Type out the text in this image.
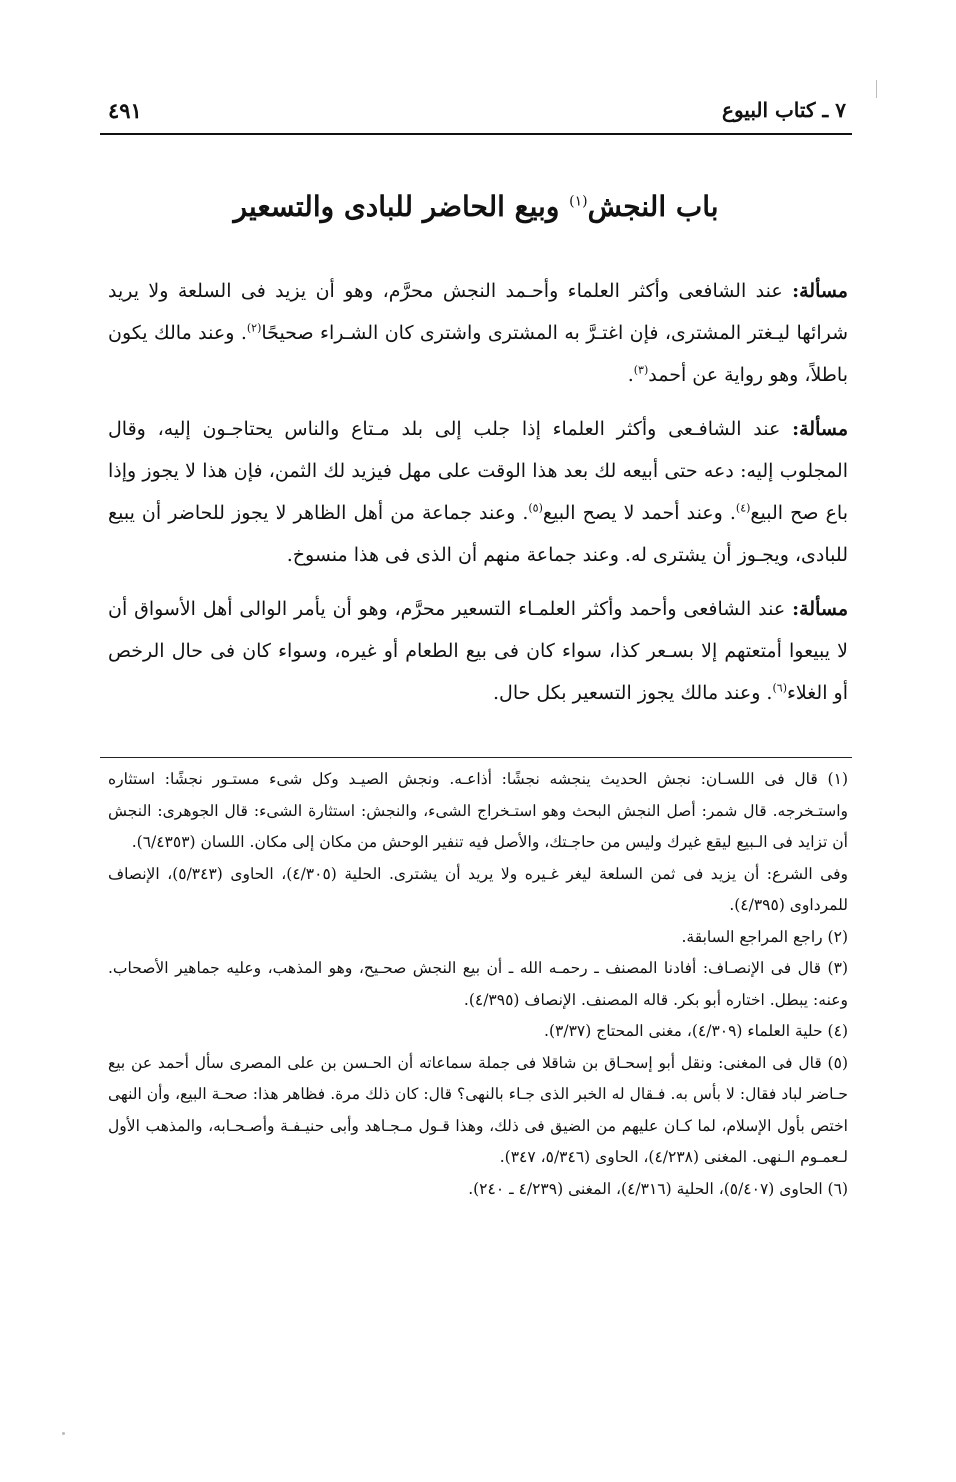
٧ ـ كتاب البيوع
٤٩١
باب النجش$^{(١)}$ وبيع الحاضر للبادى والتسعير

مسألة: عند الشافعى وأكثر العلماء وأحـمد النجش محرَّم، وهو أن يزيد فى السلعة ولا يريد شرائها ليـغتر المشترى، فإن اغتـرَّ به المشترى واشترى كان الشـراء صحيحًا$^{(٢)}$. وعند مالك يكون باطلاً، وهو رواية عن أحمد$^{(٣)}$.

مسألة: عند الشافـعى وأكثر العلماء إذا جلب إلى بلد مـتاع والناس يحتاجـون إليه، وقال المجلوب إليه: دعه حتى أبيعه لك بعد هذا الوقت على مهل فيزيد لك الثمن، فإن هذا لا يجوز وإذا باع صح البيع$^{(٤)}$. وعند أحمد لا يصح البيع$^{(٥)}$. وعند جماعة من أهل الظاهر لا يجوز للحاضر أن يبيع للبادى، ويجـوز أن يشترى له. وعند جماعة منهم أن الذى فى هذا منسوخ.

مسألة: عند الشافعى وأحمد وأكثر العلمـاء التسعير محرَّم، وهو أن يأمر الوالى أهل الأسواق أن لا يبيعوا أمتعتهم إلا بسـعر كذا، سواء كان فى بيع الطعام أو غيره، وسواء كان فى حال الرخص أو الغلاء$^{(٦)}$. وعند مالك يجوز التسعير بكل حال.

(١) قال فى اللسـان: نجش الحديث ينجشه نجشًا: أذاعـه. ونجش الصيـد وكل شىء مستـور نجشًا: استثاره واستـخرجه. قال شمر: أصل النجش البحث وهو استـخراج الشىء، والنجش: استثارة الشىء: قال الجوهرى: النجش أن تزايد فى الـبيع ليقع غيرك وليس من حاجـتك، والأصل فيه تنفير الوحش من مكان إلى مكان. اللسان (٦/٤٣٥٣).

وفى الشرع: أن يزيد فى ثمن السلعة ليغر غـيره ولا يريد أن يشترى. الحلية (٤/٣٠٥)، الحاوى (٥/٣٤٣)، الإنصاف للمرداوى (٤/٣٩٥).

(٢) راجع المراجع السابقة.

(٣) قال فى الإنصـاف: أفادنا المصنف ـ رحمـه الله ـ أن بيع النجش صحـيح، وهو المذهب، وعليه جماهير الأصحاب. وعنه: يبطل. اختاره أبو بكر. قاله المصنف. الإنصاف (٤/٣٩٥).

(٤) حلية العلماء (٤/٣٠٩)، مغنى المحتاج (٣/٣٧).

(٥) قال فى المغنى: ونقل أبو إسحـاق بن شاقلا فى جملة سماعاته أن الحـسن بن على المصرى سأل أحمد عن بيع حـاضر لباد فقال: لا بأس به. فـقال له الخبر الذى جـاء بالنهى؟ قال: كان ذلك مرة. فظاهر هذا: صحـة البيع، وأن النهى اختص بأول الإسلام، لما كـان عليهم من الضيق فى ذلك، وهذا قـول مـجـاهد وأبى حنيـفـة وأصـحـابه، والمذهب الأول لـعمـوم الـنهى. المغنى (٤/٢٣٨)، الحاوى (٥/٣٤٦، ٣٤٧).

(٦) الحاوى (٥/٤٠٧)، الحلية (٤/٣١٦)، المغنى (٤/٢٣٩ ـ ٢٤٠).
